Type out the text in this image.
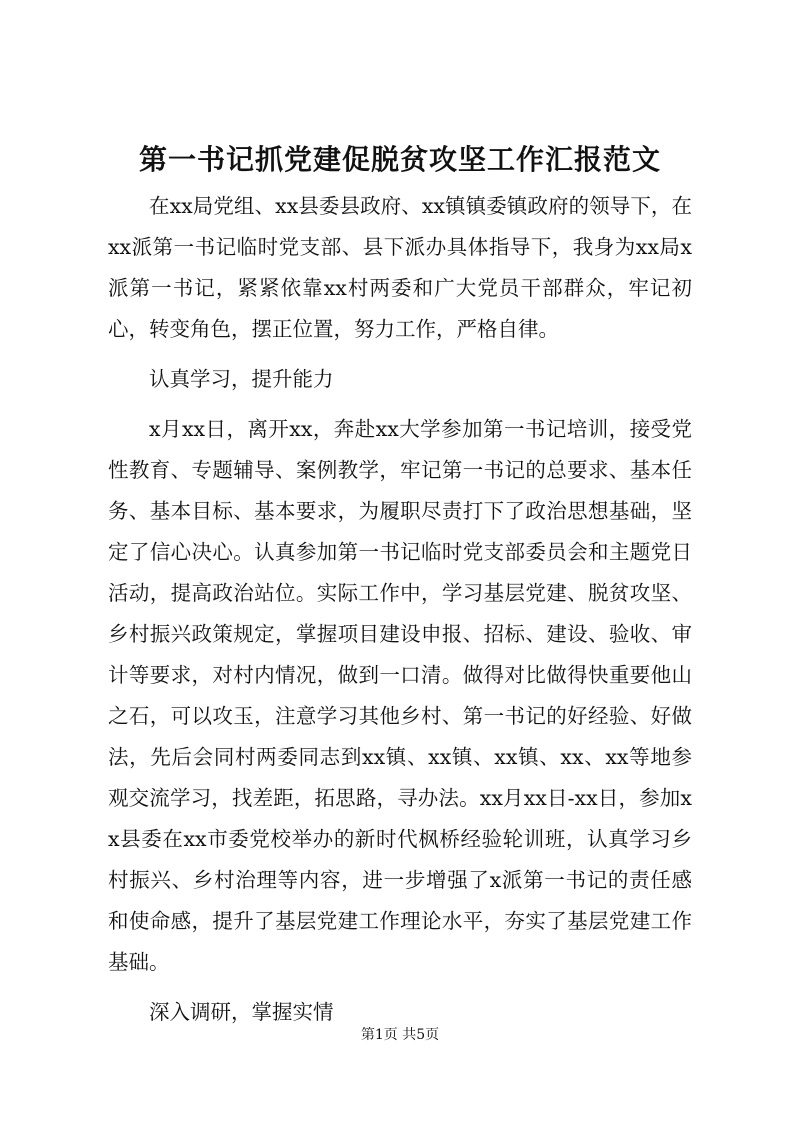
第一书记抓党建促脱贫攻坚工作汇报范文

在xx局党组、xx县委县政府、xx镇镇委镇政府的领导下，在xx派第一书记临时党支部、县下派办具体指导下，我身为xx局x派第一书记，紧紧依靠xx村两委和广大党员干部群众，牢记初心，转变角色，摆正位置，努力工作，严格自律。

认真学习，提升能力

x月xx日，离开xx，奔赴xx大学参加第一书记培训，接受党性教育、专题辅导、案例教学，牢记第一书记的总要求、基本任务、基本目标、基本要求，为履职尽责打下了政治思想基础，坚定了信心决心。认真参加第一书记临时党支部委员会和主题党日活动，提高政治站位。实际工作中，学习基层党建、脱贫攻坚、乡村振兴政策规定，掌握项目建设申报、招标、建设、验收、审计等要求，对村内情况，做到一口清。做得对比做得快重要他山之石，可以攻玉，注意学习其他乡村、第一书记的好经验、好做法，先后会同村两委同志到xx镇、xx镇、xx镇、xx、xx等地参观交流学习，找差距，拓思路，寻办法。xx月xx日-xx日，参加xx县委在xx市委党校举办的新时代枫桥经验轮训班，认真学习乡村振兴、乡村治理等内容，进一步增强了x派第一书记的责任感和使命感，提升了基层党建工作理论水平，夯实了基层党建工作基础。

深入调研，掌握实情

第1页 共5页
